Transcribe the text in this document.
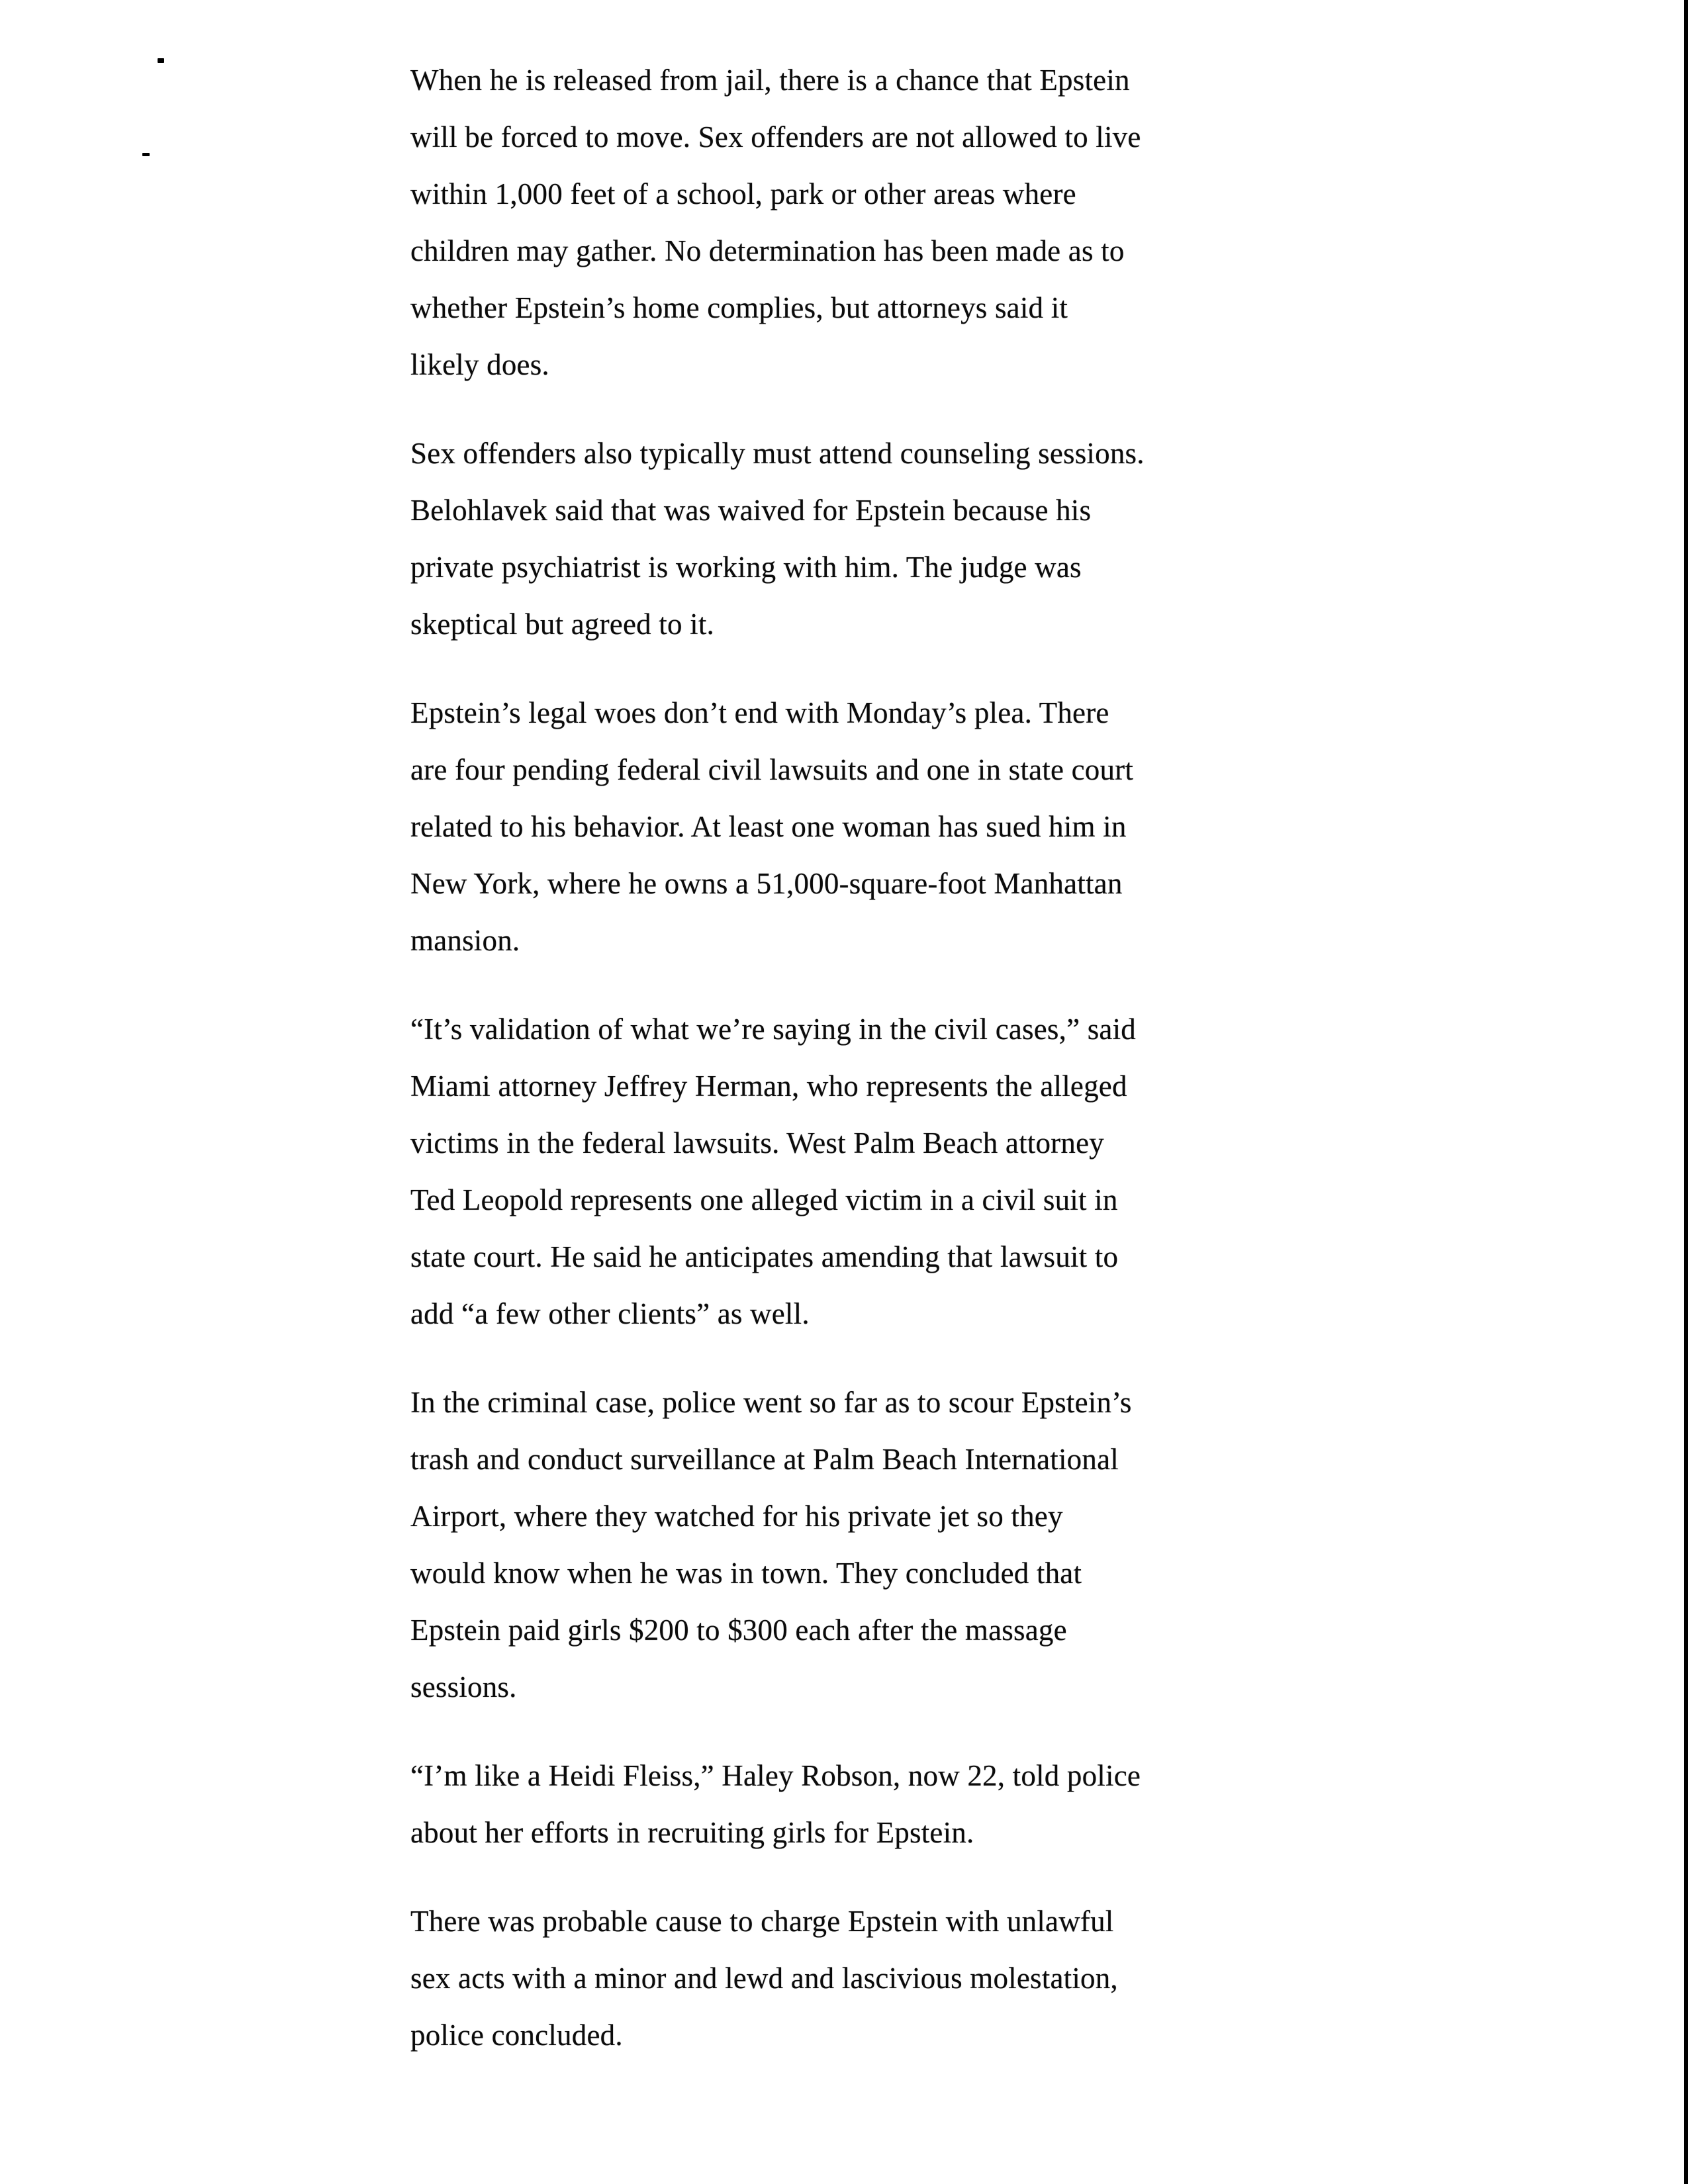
When he is released from jail, there is a chance that Epstein
will be forced to move. Sex offenders are not allowed to live
within 1,000 feet of a school, park or other areas where
children may gather. No determination has been made as to
whether Epstein’s home complies, but attorneys said it
likely does.
Sex offenders also typically must attend counseling sessions.
Belohlavek said that was waived for Epstein because his
private psychiatrist is working with him. The judge was
skeptical but agreed to it.
Epstein’s legal woes don’t end with Monday’s plea. There
are four pending federal civil lawsuits and one in state court
related to his behavior. At least one woman has sued him in
New York, where he owns a 51,000-square-foot Manhattan
mansion.
“It’s validation of what we’re saying in the civil cases,” said
Miami attorney Jeffrey Herman, who represents the alleged
victims in the federal lawsuits. West Palm Beach attorney
Ted Leopold represents one alleged victim in a civil suit in
state court. He said he anticipates amending that lawsuit to
add “a few other clients” as well.
In the criminal case, police went so far as to scour Epstein’s
trash and conduct surveillance at Palm Beach International
Airport, where they watched for his private jet so they
would know when he was in town. They concluded that
Epstein paid girls $200 to $300 each after the massage
sessions.
“I’m like a Heidi Fleiss,” Haley Robson, now 22, told police
about her efforts in recruiting girls for Epstein.
There was probable cause to charge Epstein with unlawful
sex acts with a minor and lewd and lascivious molestation,
police concluded.
